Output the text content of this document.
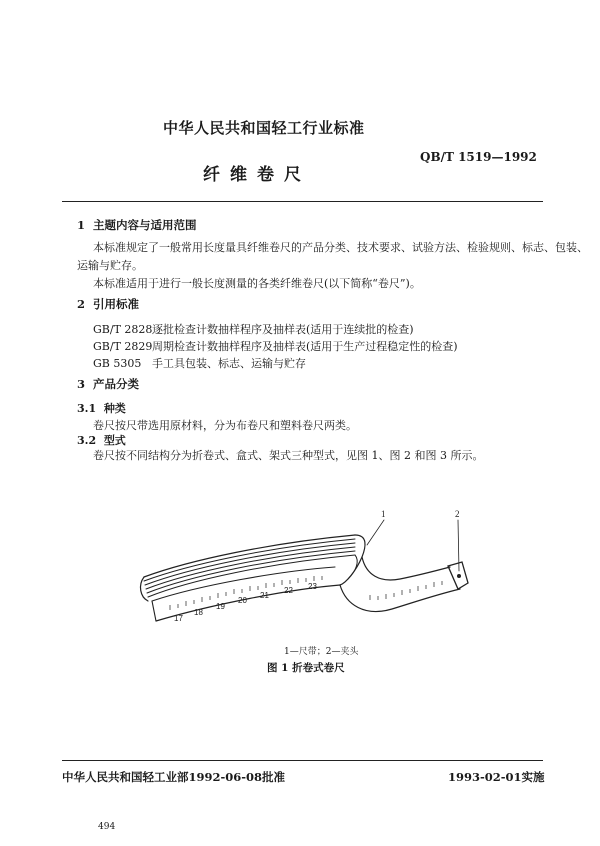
中华人民共和国轻工行业标准
QB/T 1519—1992
纤维卷尺
1 主题内容与适用范围
本标准规定了一般常用长度量具纤维卷尺的产品分类、技术要求、试验方法、检验规则、标志、包装、
运输与贮存。
本标准适用于进行一般长度测量的各类纤维卷尺(以下简称“卷尺”)。
2 引用标准
GB/T 2828  逐批检查计数抽样程序及抽样表(适用于连续批的检查)
GB/T 2829  周期检查计数抽样程序及抽样表(适用于生产过程稳定性的检查)
GB 5305 手工具包装、标志、运输与贮存
3 产品分类
3.1 种类
卷尺按尺带选用原材料，分为布卷尺和塑料卷尺两类。
3.2 型式
卷尺按不同结构分为折卷式、盒式、架式三种型式，见图 1、图 2 和图 3 所示。
17
18
19
20
21
22 23
1	2
1—尺带；2—夹头
图 1 折卷式卷尺
中华人民共和国轻工业部1992-06-08批准	1993-02-01实施
494
